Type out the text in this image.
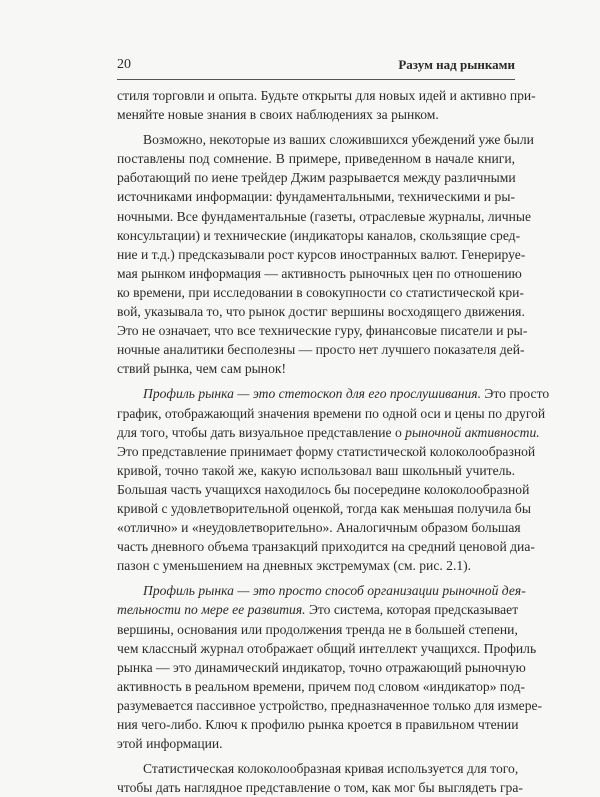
20	Разум над рынками

стиля торговли и опыта. Будьте открыты для новых идей и активно при-

меняйте новые знания в своих наблюдениях за рынком.

Возможно, некоторые из ваших сложившихся убеждений уже были

поставлены под сомнение. В примере, приведенном в начале книги,

работающий по иене трейдер Джим разрывается между различными

источниками информации: фундаментальными, техническими и ры-

ночными. Все фундаментальные (газеты, отраслевые журналы, личные

консультации) и технические (индикаторы каналов, скользящие сред-

ние и т.д.) предсказывали рост курсов иностранных валют. Генерируе-

мая рынком информация — активность рыночных цен по отношению

ко времени, при исследовании в совокупности со статистической кри-

вой, указывала то, что рынок достиг вершины восходящего движения.

Это не означает, что все технические гуру, финансовые писатели и ры-

ночные аналитики бесполезны — просто нет лучшего показателя дей-

ствий рынка, чем сам рынок!

Профиль рынка — это стетоскоп для его прослушивания. Это просто

график, отображающий значения времени по одной оси и цены по другой

для того, чтобы дать визуальное представление о рыночной активности.

Это представление принимает форму статистической колоколообразной

кривой, точно такой же, какую использовал ваш школьный учитель.

Большая часть учащихся находилось бы посередине колоколообразной

кривой с удовлетворительной оценкой, тогда как меньшая получила бы

«отлично» и «неудовлетворительно». Аналогичным образом большая

часть дневного объема транзакций приходится на средний ценовой диа-

пазон с уменьшением на дневных экстремумах (см. рис. 2.1).

Профиль рынка — это просто способ организации рыночной дея-

тельности по мере ее развития. Это система, которая предсказывает

вершины, основания или продолжения тренда не в большей степени,

чем классный журнал отображает общий интеллект учащихся. Профиль

рынка — это динамический индикатор, точно отражающий рыночную

активность в реальном времени, причем под словом «индикатор» под-

разумевается пассивное устройство, предназначенное только для измере-

ния чего-либо. Ключ к профилю рынка кроется в правильном чтении

этой информации.

Статистическая колоколообразная кривая используется для того,

чтобы дать наглядное представление о том, как мог бы выглядеть гра-
